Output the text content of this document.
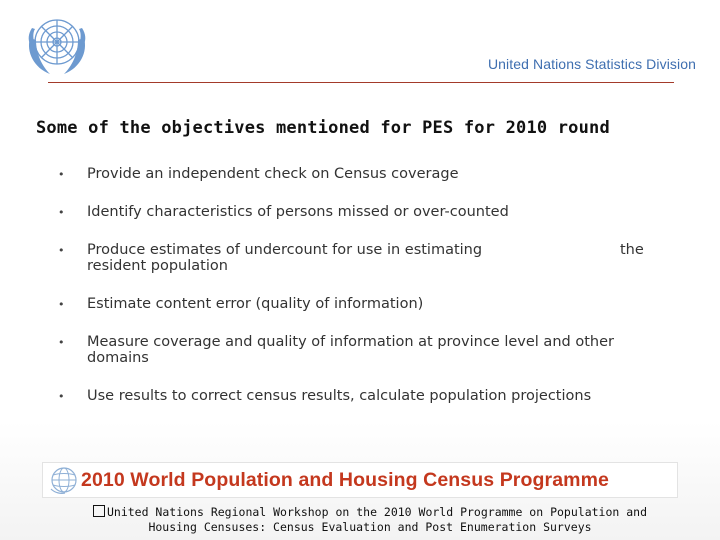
United Nations Statistics Division
Some of the objectives mentioned for PES for 2010 round
• Provide an independent check on Census coverage
• Identify characteristics of persons missed or over-counted
• Produce estimates of undercount for use in estimating
resident population
the
• Estimate content error (quality of information)
• Measure coverage and quality of information at province level and other
domains
• Use results to correct census results, calculate population projections
2010 World Population and Housing Census Programme
United Nations Regional Workshop on the 2010 World Programme on Population and
Housing Censuses: Census Evaluation and Post Enumeration Surveys
